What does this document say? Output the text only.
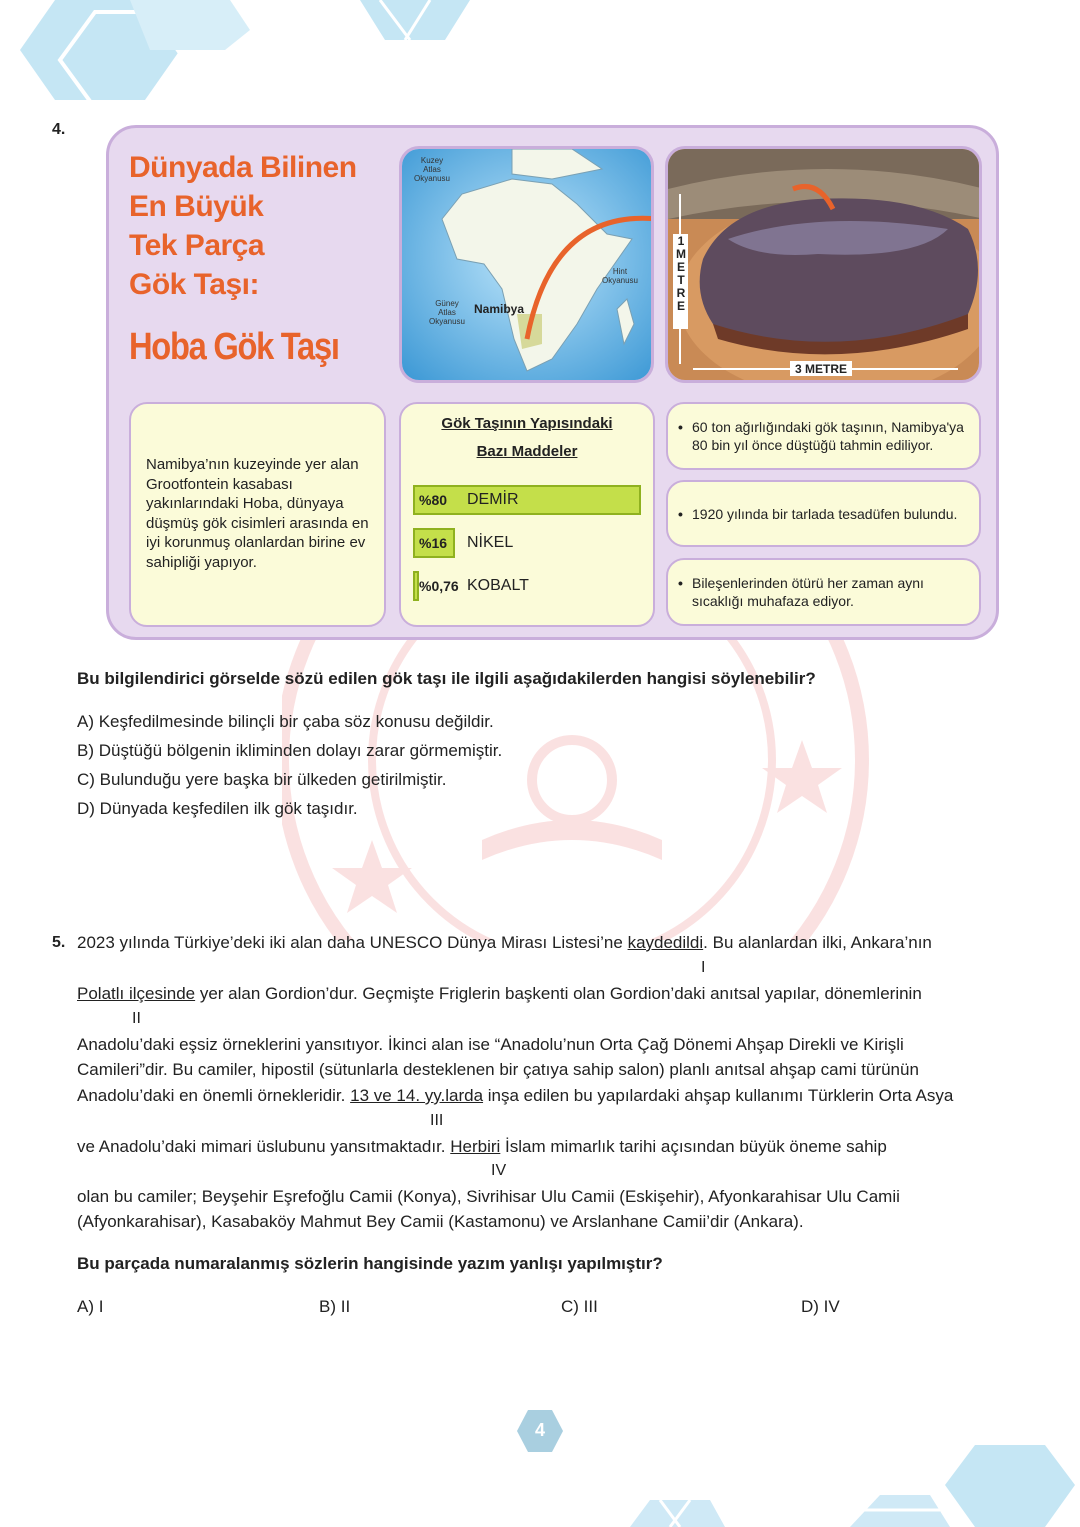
4.
Dünyada Bilinen
En Büyük
Tek Parça
Gök Taşı:
Hoba Gök Taşı
Kuzey
Atlas
Okyanusu
Hint
Okyanusu
Güney
Atlas
Okyanusu
Namibya
1 METRE
3 METRE
Namibya’nın kuzeyinde yer alan Grootfontein kasabası yakınlarındaki Hoba, dünyaya düşmüş gök cisimleri arasında en iyi korunmuş olanlardan birine ev sahipliği yapıyor.
Gök Taşının Yapısındaki
Bazı Maddeler
%80	DEMİR
%16	NİKEL
%0,76 KOBALT
• 60 ton ağırlığındaki gök taşının, Namibya'ya 80 bin yıl önce düştüğü tahmin ediliyor.
• 1920 yılında bir tarlada tesadüfen bulundu.
• Bileşenlerinden ötürü her zaman aynı sıcaklığı muhafaza ediyor.
Bu bilgilendirici görselde sözü edilen gök taşı ile ilgili aşağıdakilerden hangisi söylenebilir?
A) Keşfedilmesinde bilinçli bir çaba söz konusu değildir.
B) Düştüğü bölgenin ikliminden dolayı zarar görmemiştir.
C) Bulunduğu yere başka bir ülkeden getirilmiştir.
D) Dünyada keşfedilen ilk gök taşıdır.
5. 2023 yılında Türkiye’deki iki alan daha UNESCO Dünya Mirası Listesi’ne kaydedildi. Bu alanlardan ilki, Ankara’nın
I
Polatlı ilçesinde yer alan Gordion’dur. Geçmişte Friglerin başkenti olan Gordion’daki anıtsal yapılar, dönemlerinin
II
Anadolu’daki eşsiz örneklerini yansıtıyor. İkinci alan ise “Anadolu’nun Orta Çağ Dönemi Ahşap Direkli ve Kirişli
Camileri”dir. Bu camiler, hipostil (sütunlarla desteklenen bir çatıya sahip salon) planlı anıtsal ahşap cami türünün
Anadolu’daki en önemli örnekleridir. 13 ve 14. yy.larda inşa edilen bu yapılardaki ahşap kullanımı Türklerin Orta Asya
III
ve Anadolu’daki mimari üslubunu yansıtmaktadır. Herbiri İslam mimarlık tarihi açısından büyük öneme sahip
IV
olan bu camiler; Beyşehir Eşrefoğlu Camii (Konya), Sivrihisar Ulu Camii (Eskişehir), Afyonkarahisar Ulu Camii
(Afyonkarahisar), Kasabaköy Mahmut Bey Camii (Kastamonu) ve Arslanhane Camii’dir (Ankara).
Bu parçada numaralanmış sözlerin hangisinde yazım yanlışı yapılmıştır?
A) I	B) II	C) III	D) IV
4
